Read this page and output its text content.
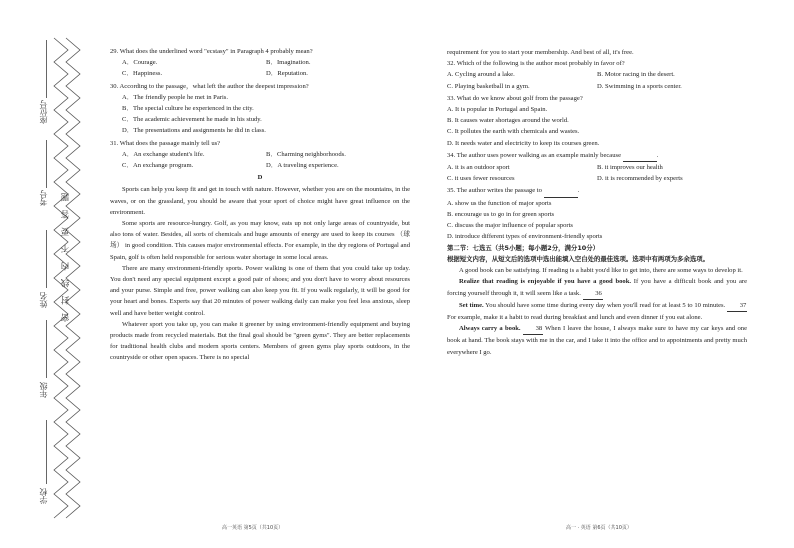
座位号
考号
姓名
年级
学校
密 封 线 内 不 要 答 题

29. What does the underlined word "ecstasy" in Paragraph 4 probably mean?

A．Courage.	B．Imagination.
C．Happiness.	D．Reputation.

30. According to the passage，what left the author the deepest impression?

A．The friendly people he met in Paris.
B．The special culture he experienced in the city.
C．The academic achievement he made in his study.
D．The presentations and assignments he did in class.

31. What does the passage mainly tell us?

A．An exchange student's life.	B．Charming neighborhoods.
C．An exchange program.	D．A traveling experience.
D

Sports can help you keep fit and get in touch with nature. However, whether you are on the mountains, in the waves, or on the grassland, you should be aware that your sport of choice might have great influence on the environment.

Some sports are resource-hungry. Golf, as you may know, eats up not only large areas of countryside, but also tons of water. Besides, all sorts of chemicals and huge amounts of energy are used to keep its courses （球场） in good condition. This causes major environmental effects. For example, in the dry regions of Portugal and Spain, golf is often held responsible for serious water shortage in some local areas.

There are many environment-friendly sports. Power walking is one of them that you could take up today. You don't need any special equipment except a good pair of shoes; and you don't have to worry about resources and your purse. Simple and free, power walking can also keep you fit. If you walk regularly, it will be good for your heart and bones. Experts say that 20 minutes of power walking daily can make you feel less anxious, sleep well and have better weight control.

Whatever sport you take up, you can make it greener by using environment-friendly equipment and buying products made from recycled materials. But the final goal should be "green gyms". They are better replacements for traditional health clubs and modern sports centers. Members of green gyms play sports outdoors, in the countryside or other open spaces. There is no special

高一英语 第5页（共10页）

requirement for you to start your membership. And best of all, it's free.

32. Which of the following is the author most probably in favor of?

A. Cycling around a lake.	B. Motor racing in the desert.
C. Playing basketball in a gym.	D. Swimming in a sports center.

33. What do we know about golf from the passage?

A. It is popular in Portugal and Spain.
B. It causes water shortages around the world.
C. It pollutes the earth with chemicals and wastes.
D. It needs water and electricity to keep its courses green.

34. The author uses power walking as an example mainly because	.

A. it is an outdoor sport	B. it improves our health
C. it uses fewer resources	D. it is recommended by experts

35. The author writes the passage to	.

A. show us the function of major sports
B. encourage us to go in for green sports
C. discuss the major influence of popular sports
D. introduce different types of environment-friendly sports

第二节：七选五（共5小题；每小题2分，满分10分）

根据短文内容，从短文后的选项中选出能填入空白处的最佳选项。选项中有两项为多余选项。

A good book can be satisfying. If reading is a habit you'd like to get into, there are some ways to develop it.

Realize that reading is enjoyable if you have a good book. If you have a difficult book and you are forcing yourself through it, it will seem like a task. 36

Set time. You should have some time during every day when you'll read for at least 5 to 10 minutes. 37 For example, make it a habit to read during breakfast and lunch and even dinner if you eat alone.

Always carry a book. 38 When I leave the house, I always make sure to have my car keys and one book at hand. The book stays with me in the car, and I take it into the office and to appointments and pretty much everywhere I go.

高一 · 英语 第6页（共10页）
